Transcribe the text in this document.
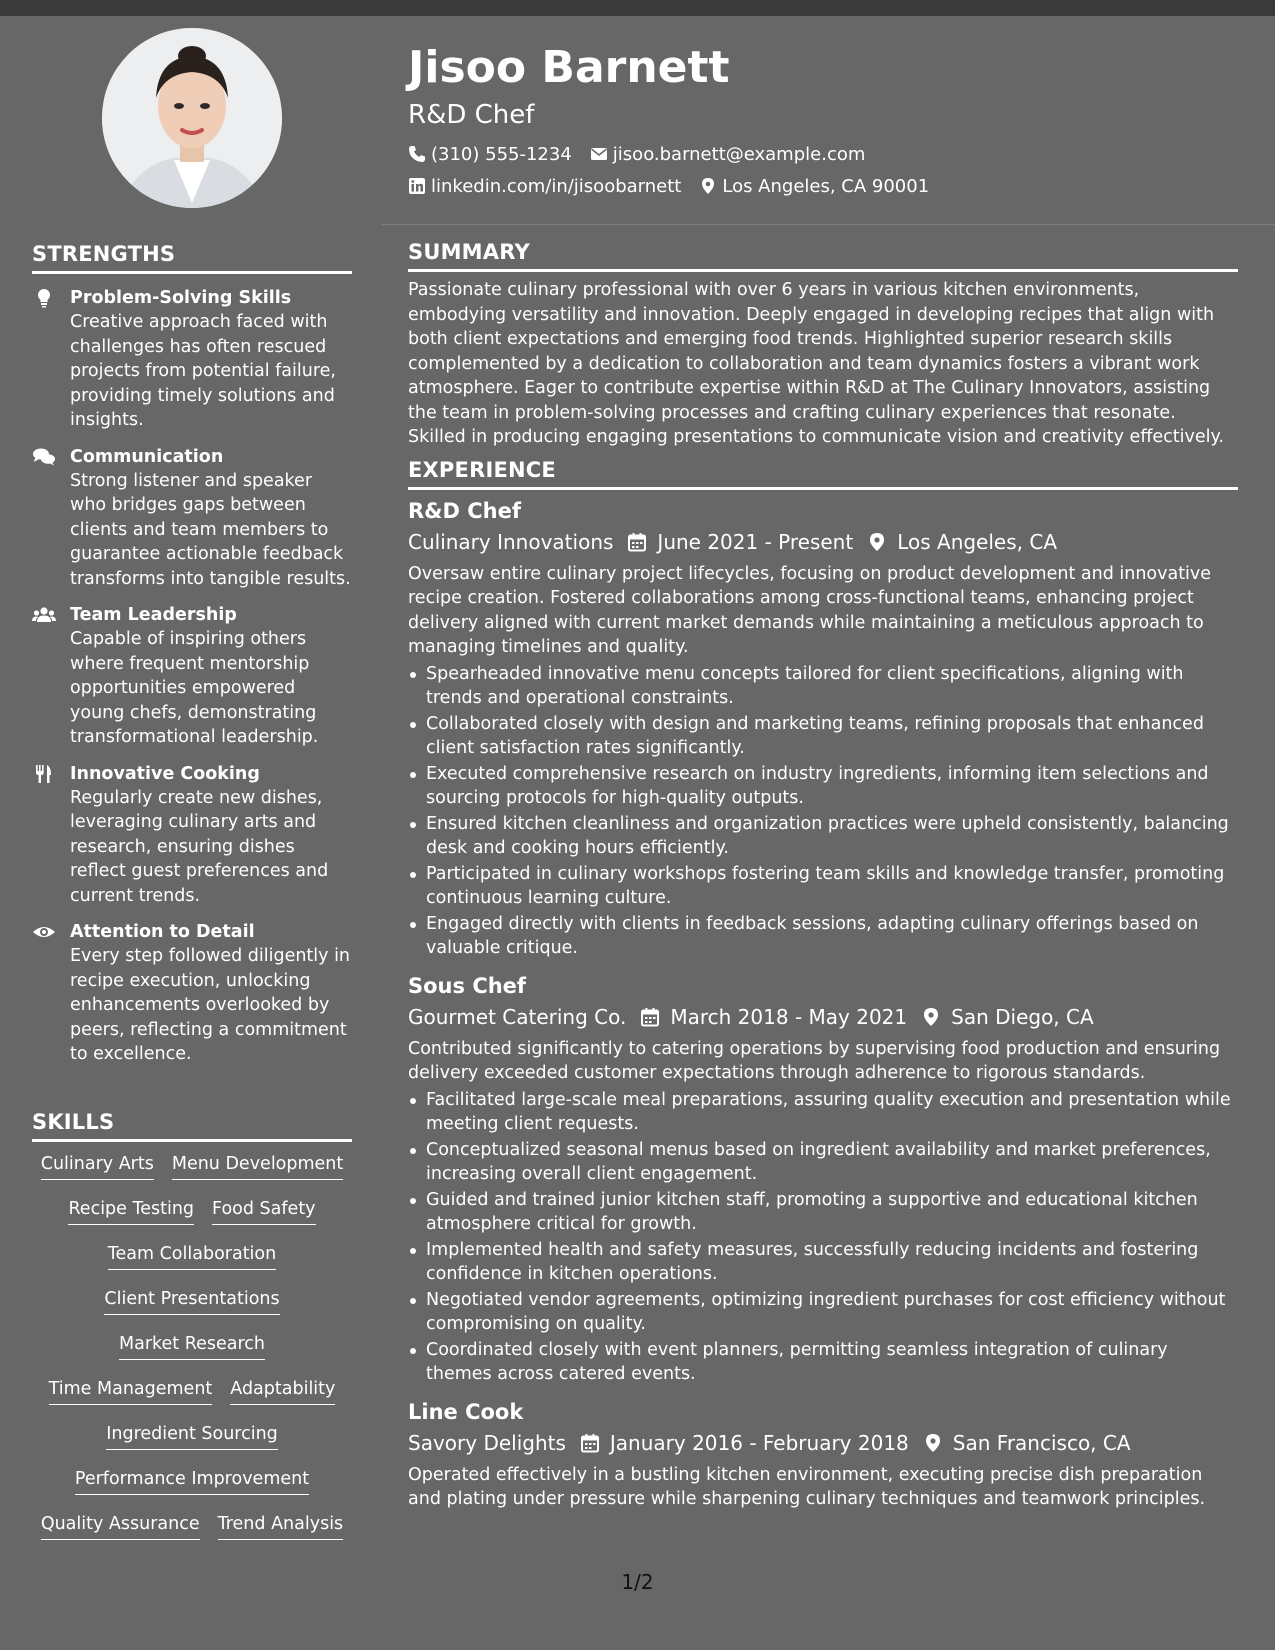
STRENGTHS
Problem-Solving Skills
Creative approach faced with challenges has often rescued projects from potential failure, providing timely solutions and insights.
Communication
Strong listener and speaker who bridges gaps between clients and team members to guarantee actionable feedback transforms into tangible results.
Team Leadership
Capable of inspiring others where frequent mentorship opportunities empowered young chefs, demonstrating transformational leadership.
Innovative Cooking
Regularly create new dishes, leveraging culinary arts and research, ensuring dishes reflect guest preferences and current trends.
Attention to Detail
Every step followed diligently in recipe execution, unlocking enhancements overlooked by peers, reflecting a commitment to excellence.
SKILLS
Culinary Arts Menu Development
Recipe Testing Food Safety
Team Collaboration
Client Presentations
Market Research
Time Management Adaptability
Ingredient Sourcing
Performance Improvement
Quality Assurance Trend Analysis
Jisoo Barnett
R&D Chef
(310) 555-1234 jisoo.barnett@example.com
linkedin.com/in/jisoobarnett Los Angeles, CA 90001
SUMMARY
Passionate culinary professional with over 6 years in various kitchen environments, embodying versatility and innovation. Deeply engaged in developing recipes that align with both client expectations and emerging food trends. Highlighted superior research skills complemented by a dedication to collaboration and team dynamics fosters a vibrant work atmosphere. Eager to contribute expertise within R&D at The Culinary Innovators, assisting the team in problem-solving processes and crafting culinary experiences that resonate. Skilled in producing engaging presentations to communicate vision and creativity effectively.
EXPERIENCE
R&D Chef
Culinary Innovations June 2021 - Present Los Angeles, CA
Oversaw entire culinary project lifecycles, focusing on product development and innovative recipe creation. Fostered collaborations among cross-functional teams, enhancing project delivery aligned with current market demands while maintaining a meticulous approach to managing timelines and quality.
Spearheaded innovative menu concepts tailored for client specifications, aligning with trends and operational constraints.
Collaborated closely with design and marketing teams, refining proposals that enhanced client satisfaction rates significantly.
Executed comprehensive research on industry ingredients, informing item selections and sourcing protocols for high-quality outputs.
Ensured kitchen cleanliness and organization practices were upheld consistently, balancing desk and cooking hours efficiently.
Participated in culinary workshops fostering team skills and knowledge transfer, promoting continuous learning culture.
Engaged directly with clients in feedback sessions, adapting culinary offerings based on valuable critique.
Sous Chef
Gourmet Catering Co. March 2018 - May 2021 San Diego, CA
Contributed significantly to catering operations by supervising food production and ensuring delivery exceeded customer expectations through adherence to rigorous standards.
Facilitated large-scale meal preparations, assuring quality execution and presentation while meeting client requests.
Conceptualized seasonal menus based on ingredient availability and market preferences, increasing overall client engagement.
Guided and trained junior kitchen staff, promoting a supportive and educational kitchen atmosphere critical for growth.
Implemented health and safety measures, successfully reducing incidents and fostering confidence in kitchen operations.
Negotiated vendor agreements, optimizing ingredient purchases for cost efficiency without compromising on quality.
Coordinated closely with event planners, permitting seamless integration of culinary themes across catered events.
Line Cook
Savory Delights January 2016 - February 2018 San Francisco, CA
Operated effectively in a bustling kitchen environment, executing precise dish preparation and plating under pressure while sharpening culinary techniques and teamwork principles.
1/2
